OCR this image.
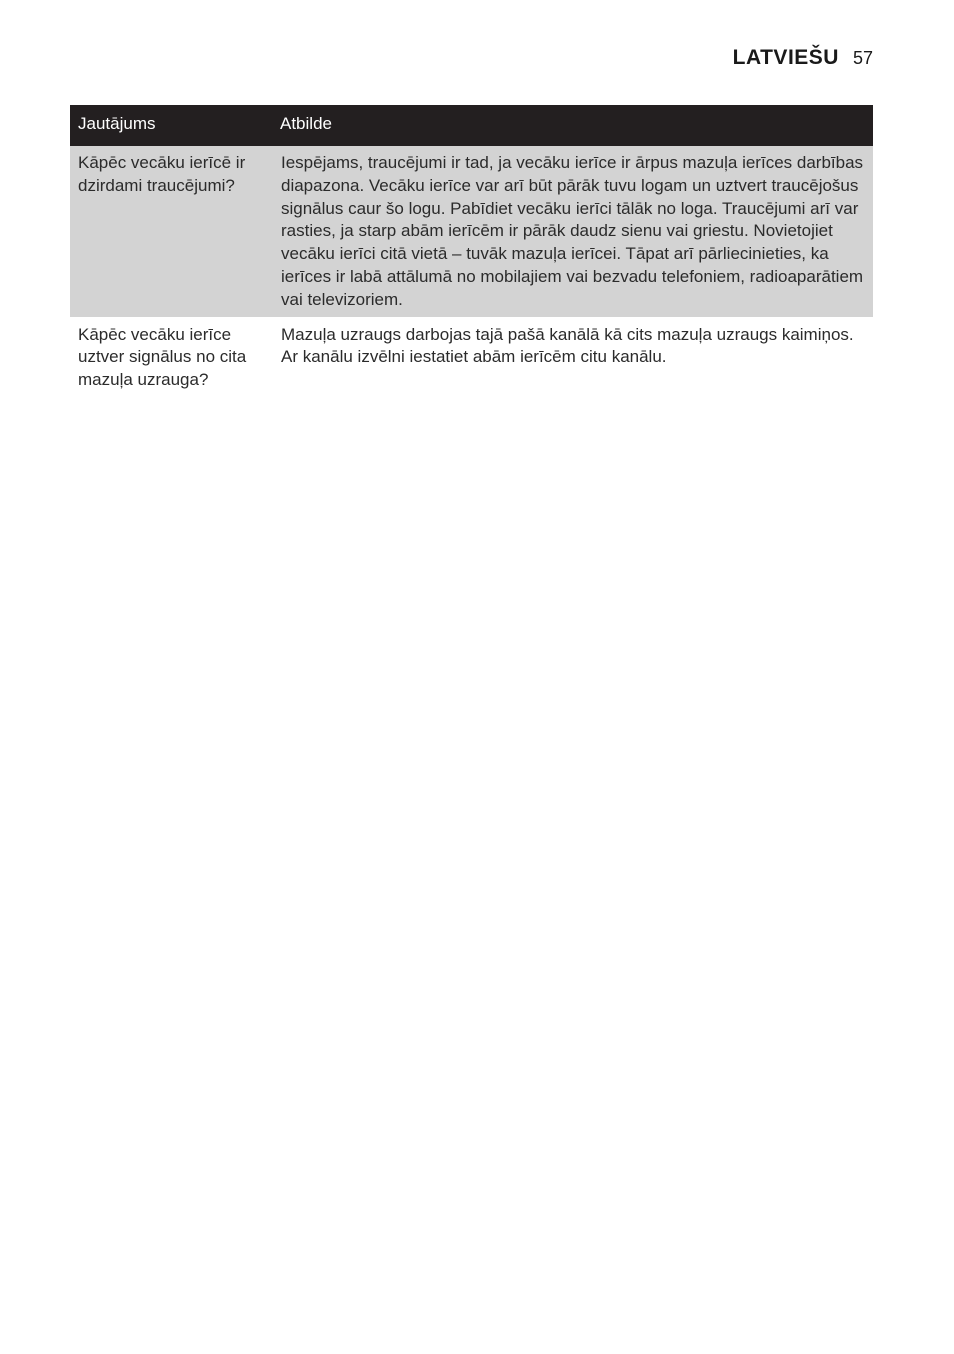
LATVIEŠU 57
Jautājums	Atbilde
Kāpēc vecāku ierīcē ir dzirdami traucējumi?	Iespējams, traucējumi ir tad, ja vecāku ierīce ir ārpus mazuļa ierīces darbības diapazona. Vecāku ierīce var arī būt pārāk tuvu logam un uztvert traucējošus signālus caur šo logu. Pabīdiet vecāku ierīci tālāk no loga. Traucējumi arī var rasties, ja starp abām ierīcēm ir pārāk daudz sienu vai griestu. Novietojiet vecāku ierīci citā vietā – tuvāk mazuļa ierīcei. Tāpat arī pārliecinieties, ka ierīces ir labā attālumā no mobilajiem vai bezvadu telefoniem, radioaparātiem vai televizoriem.

Kāpēc vecāku ierīce uztver signālus no cita mazuļa uzrauga?	Mazuļa uzraugs darbojas tajā pašā kanālā kā cits mazuļa uzraugs kaimiņos. Ar kanālu izvēlni iestatiet abām ierīcēm citu kanālu.
